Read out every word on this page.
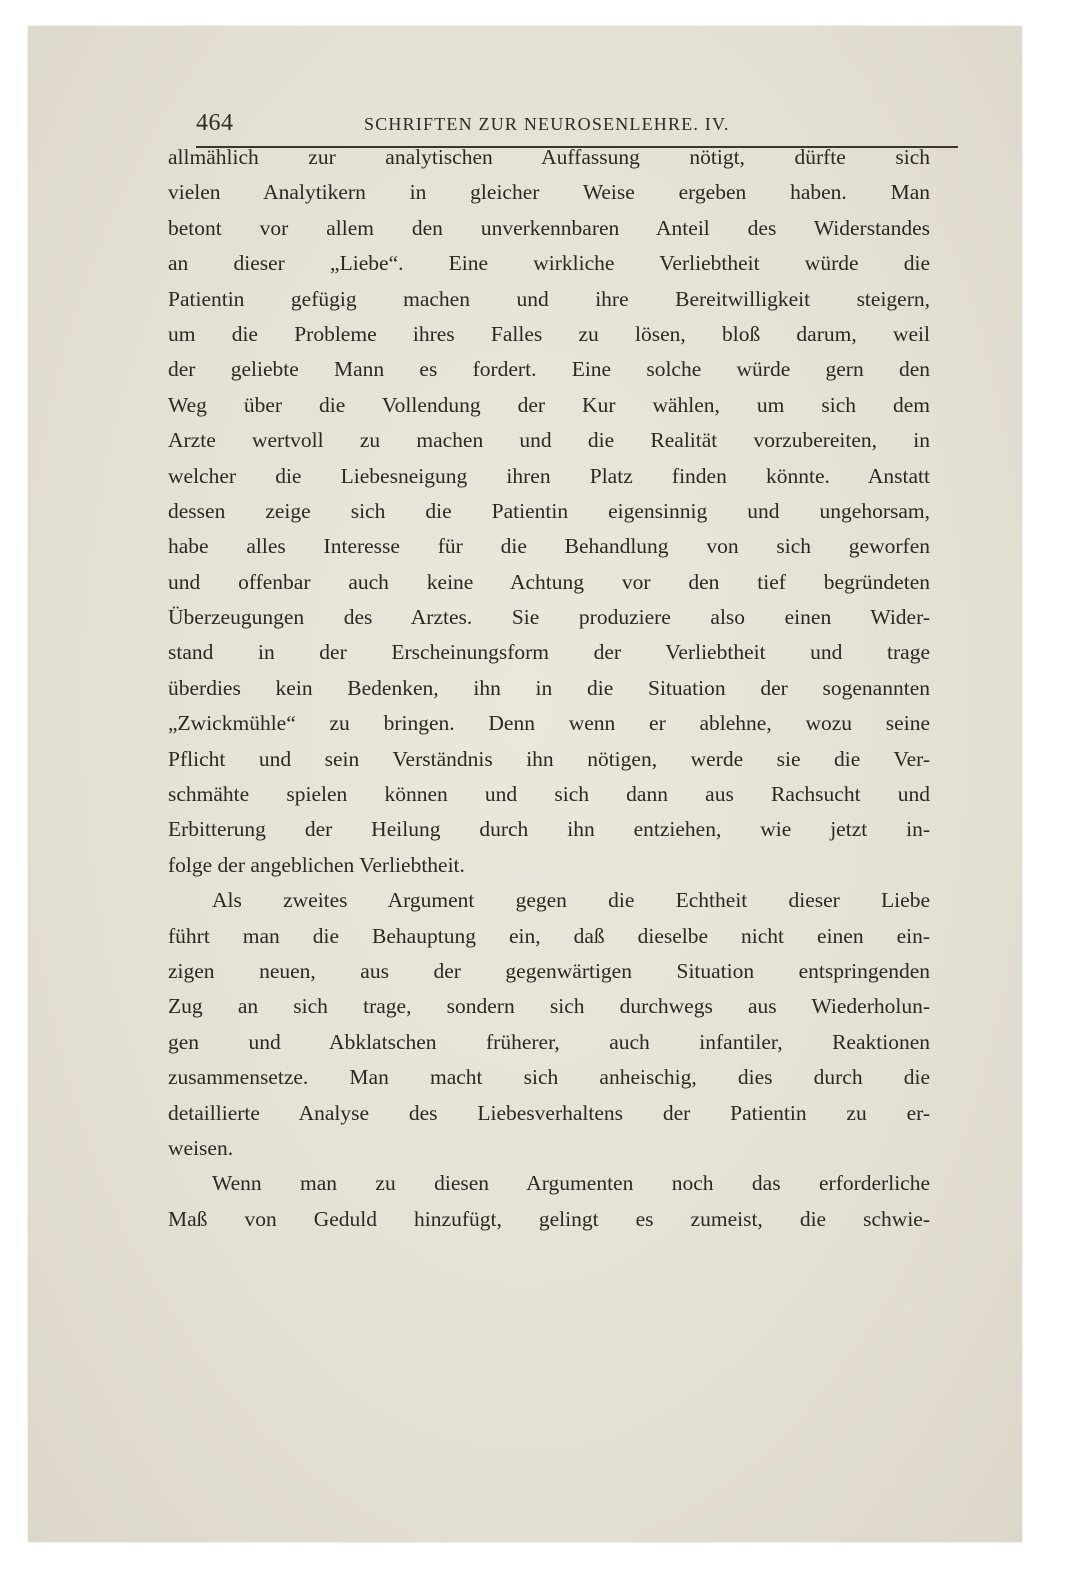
464	SCHRIFTEN ZUR NEUROSENLEHRE. IV.
allmählich zur analytischen Auffassung nötigt, dürfte sich
vielen Analytikern in gleicher Weise ergeben haben. Man
betont vor allem den unverkennbaren Anteil des Widerstandes
an dieser „Liebe“. Eine wirkliche Verliebtheit würde die
Patientin gefügig machen und ihre Bereitwilligkeit steigern,
um die Probleme ihres Falles zu lösen, bloß darum, weil
der geliebte Mann es fordert. Eine solche würde gern den
Weg über die Vollendung der Kur wählen, um sich dem
Arzte wertvoll zu machen und die Realität vorzubereiten, in
welcher die Liebesneigung ihren Platz finden könnte. Anstatt
dessen zeige sich die Patientin eigensinnig und ungehorsam,
habe alles Interesse für die Behandlung von sich geworfen
und offenbar auch keine Achtung vor den tief begründeten
Überzeugungen des Arztes. Sie produziere also einen Wider-
stand in der Erscheinungsform der Verliebtheit und trage
überdies kein Bedenken, ihn in die Situation der sogenannten
„Zwickmühle“ zu bringen. Denn wenn er ablehne, wozu seine
Pflicht und sein Verständnis ihn nötigen, werde sie die Ver-
schmähte spielen können und sich dann aus Rachsucht und
Erbitterung der Heilung durch ihn entziehen, wie jetzt in-
folge der angeblichen Verliebtheit.
Als zweites Argument gegen die Echtheit dieser Liebe
führt man die Behauptung ein, daß dieselbe nicht einen ein-
zigen neuen, aus der gegenwärtigen Situation entspringenden
Zug an sich trage, sondern sich durchwegs aus Wiederholun-
gen und Abklatschen früherer, auch infantiler, Reaktionen
zusammensetze. Man macht sich anheischig, dies durch die
detaillierte Analyse des Liebesverhaltens der Patientin zu er-
weisen.
Wenn man zu diesen Argumenten noch das erforderliche
Maß von Geduld hinzufügt, gelingt es zumeist, die schwie-
